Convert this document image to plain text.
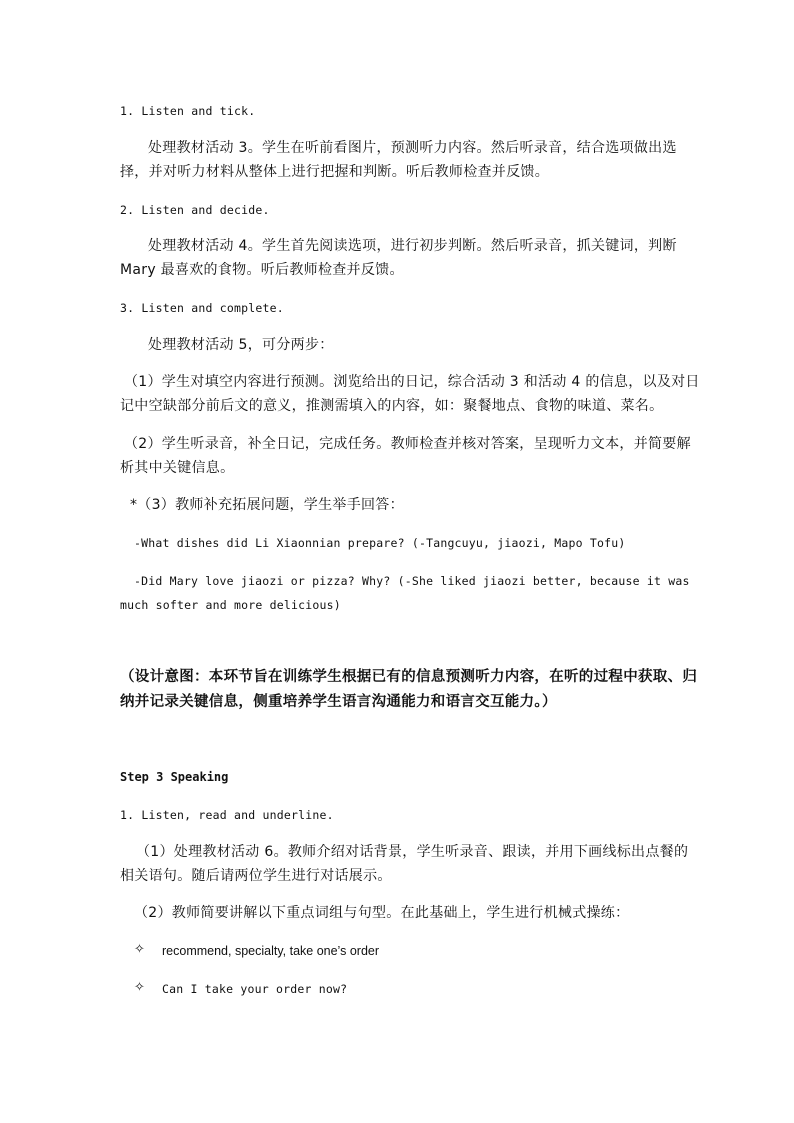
1. Listen and tick.
处理教材活动 3。学生在听前看图片，预测听力内容。然后听录音，结合选项做出选
择，并对听力材料从整体上进行把握和判断。听后教师检查并反馈。
2. Listen and decide.
处理教材活动 4。学生首先阅读选项，进行初步判断。然后听录音，抓关键词，判断
Mary 最喜欢的食物。听后教师检查并反馈。
3. Listen and complete.
处理教材活动 5，可分两步：
（1）学生对填空内容进行预测。浏览给出的日记，综合活动 3 和活动 4 的信息，以及对日
记中空缺部分前后文的意义，推测需填入的内容，如：聚餐地点、食物的味道、菜名。
（2）学生听录音，补全日记，完成任务。教师检查并核对答案，呈现听力文本，并简要解
析其中关键信息。
*（3）教师补充拓展问题，学生举手回答：
-What dishes did Li Xiaonnian prepare? (-Tangcuyu, jiaozi, Mapo Tofu)
-Did Mary love jiaozi or pizza? Why? (-She liked jiaozi better, because it was
much softer and more delicious)
（设计意图：本环节旨在训练学生根据已有的信息预测听力内容，在听的过程中获取、归
纳并记录关键信息，侧重培养学生语言沟通能力和语言交互能力。）
Step 3 Speaking
1. Listen, read and underline.
（1）处理教材活动 6。教师介绍对话背景，学生听录音、跟读，并用下画线标出点餐的
相关语句。随后请两位学生进行对话展示。
（2）教师简要讲解以下重点词组与句型。在此基础上，学生进行机械式操练：
✧ recommend, specialty, take one’s order
✧ Can I take your order now?
